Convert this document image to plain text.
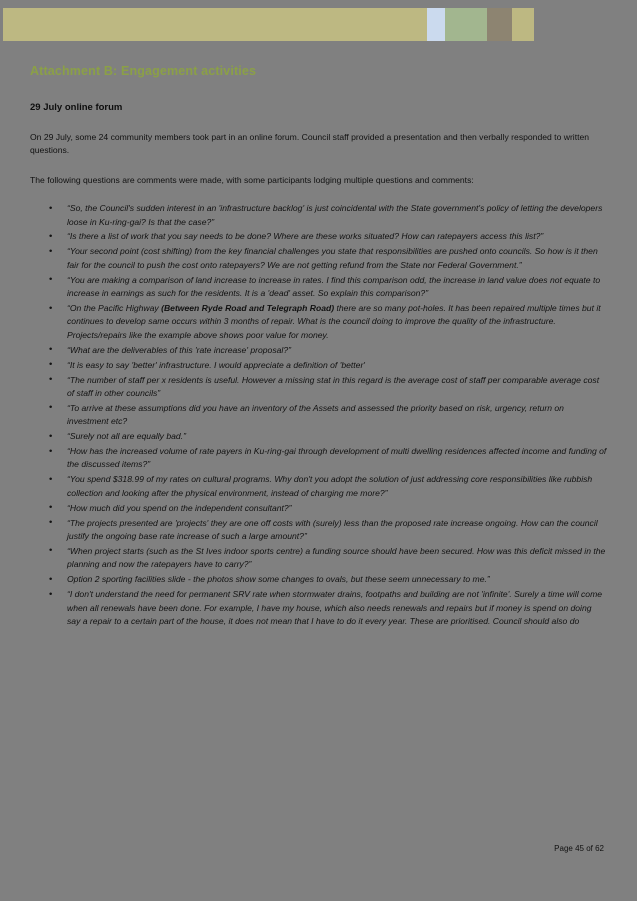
Attachment B: Engagement activities
29 July online forum

On 29 July, some 24 community members took part in an online forum. Council staff provided a presentation and then verbally responded to written questions.

The following questions are comments were made, with some participants lodging multiple questions and comments:

• “So, the Council's sudden interest in an 'infrastructure backlog' is just coincidental with the State government's policy of letting the developers loose in Ku-ring-gai? Is that the case?”
• “Is there a list of work that you say needs to be done? Where are these works situated? How can ratepayers access this list?”
• “Your second point (cost shifting) from the key financial challenges you state that responsibilities are pushed onto councils. So how is it then fair for the council to push the cost onto ratepayers? We are not getting refund from the State nor Federal Government.”
• “You are making a comparison of land increase to increase in rates. I find this comparison odd, the increase in land value does not equate to increase in earnings as such for the residents. It is a 'dead' asset. So explain this comparison?”
• “On the Pacific Highway (Between Ryde Road and Telegraph Road) there are so many pot-holes. It has been repaired multiple times but it continues to develop same occurs within 3 months of repair. What is the council doing to improve the quality of the infrastructure. Projects/repairs like the example above shows poor value for money.
• “What are the deliverables of this 'rate increase' proposal?”
• “It is easy to say 'better' infrastructure. I would appreciate a definition of 'better'
• “The number of staff per x residents is useful. However a missing stat in this regard is the average cost of staff per comparable average cost of staff in other councils”
• “To arrive at these assumptions did you have an inventory of the Assets and assessed the priority based on risk, urgency, return on investment etc?
• “Surely not all are equally bad.”
• “How has the increased volume of rate payers in Ku-ring-gai through development of multi dwelling residences affected income and funding of the discussed items?”
• “You spend $318.99 of my rates on cultural programs. Why don't you adopt the solution of just addressing core responsibilities like rubbish collection and looking after the physical environment, instead of charging me more?”
• “How much did you spend on the independent consultant?”
• “The projects presented are 'projects' they are one off costs with (surely) less than the proposed rate increase ongoing. How can the council justify the ongoing base rate increase of such a large amount?”
• “When project starts (such as the St Ives indoor sports centre) a funding source should have been secured. How was this deficit missed in the planning and now the ratepayers have to carry?”
• Option 2 sporting facilities slide - the photos show some changes to ovals, but these seem unnecessary to me.”
• “I don't understand the need for permanent SRV rate when stormwater drains, footpaths and building are not 'infinite'. Surely a time will come when all renewals have been done. For example, I have my house, which also needs renewals and repairs but if money is spend on doing say a repair to a certain part of the house, it does not mean that I have to do it every year. These are prioritised. Council should also do
Page 45 of 62
